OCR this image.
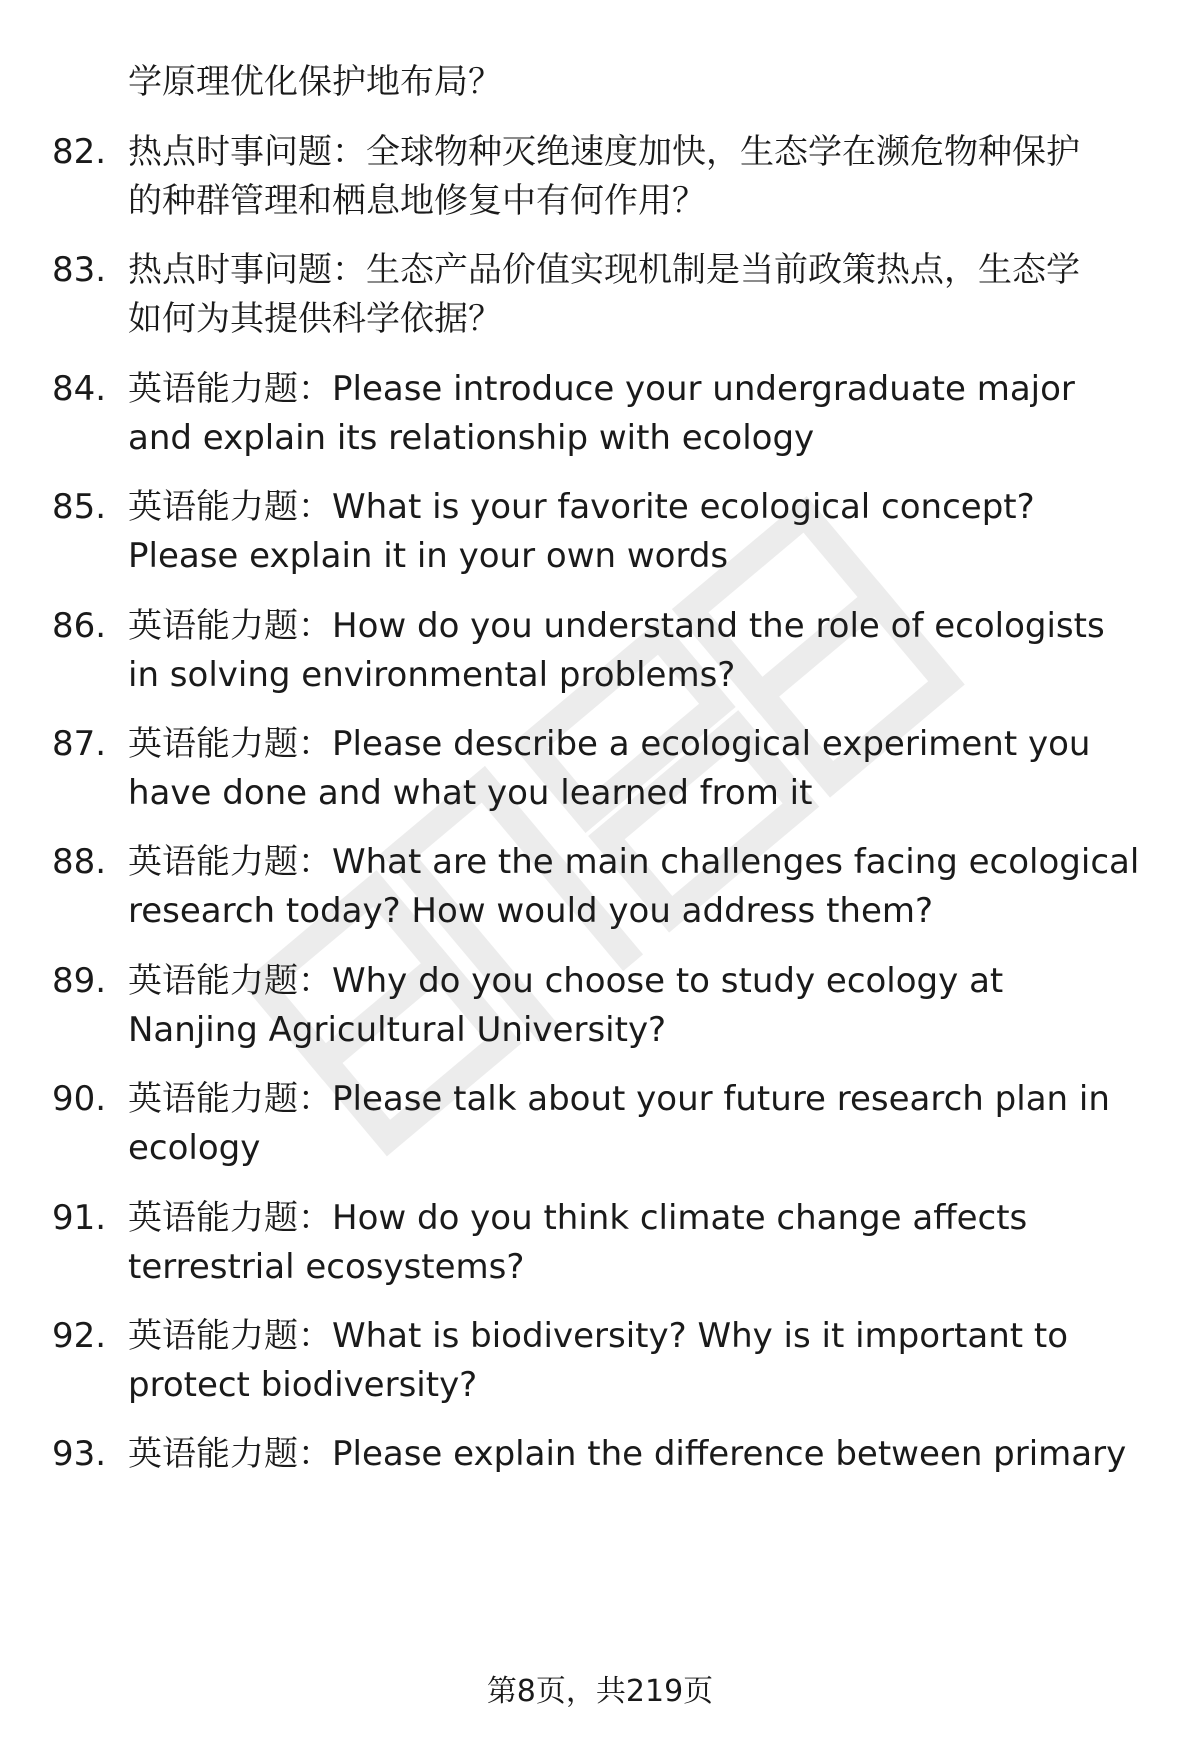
学原理优化保护地布局？
82. 热点时事问题：全球物种灭绝速度加快，生态学在濒危物种保护
的种群管理和栖息地修复中有何作用？
83. 热点时事问题：生态产品价值实现机制是当前政策热点，生态学
如何为其提供科学依据？
84. 英语能力题：Please introduce your undergraduate major
and explain its relationship with ecology
85. 英语能力题：What is your favorite ecological concept?
Please explain it in your own words
86. 英语能力题：How do you understand the role of ecologists
in solving environmental problems?
87. 英语能力题：Please describe a ecological experiment you
have done and what you learned from it
88. 英语能力题：What are the main challenges facing ecological
research today? How would you address them?
89. 英语能力题：Why do you choose to study ecology at
Nanjing Agricultural University?
90. 英语能力题：Please talk about your future research plan in
ecology
91. 英语能力题：How do you think climate change affects
terrestrial ecosystems?
92. 英语能力题：What is biodiversity? Why is it important to
protect biodiversity?
93. 英语能力题：Please explain the difference between primary
第8页，共219页
